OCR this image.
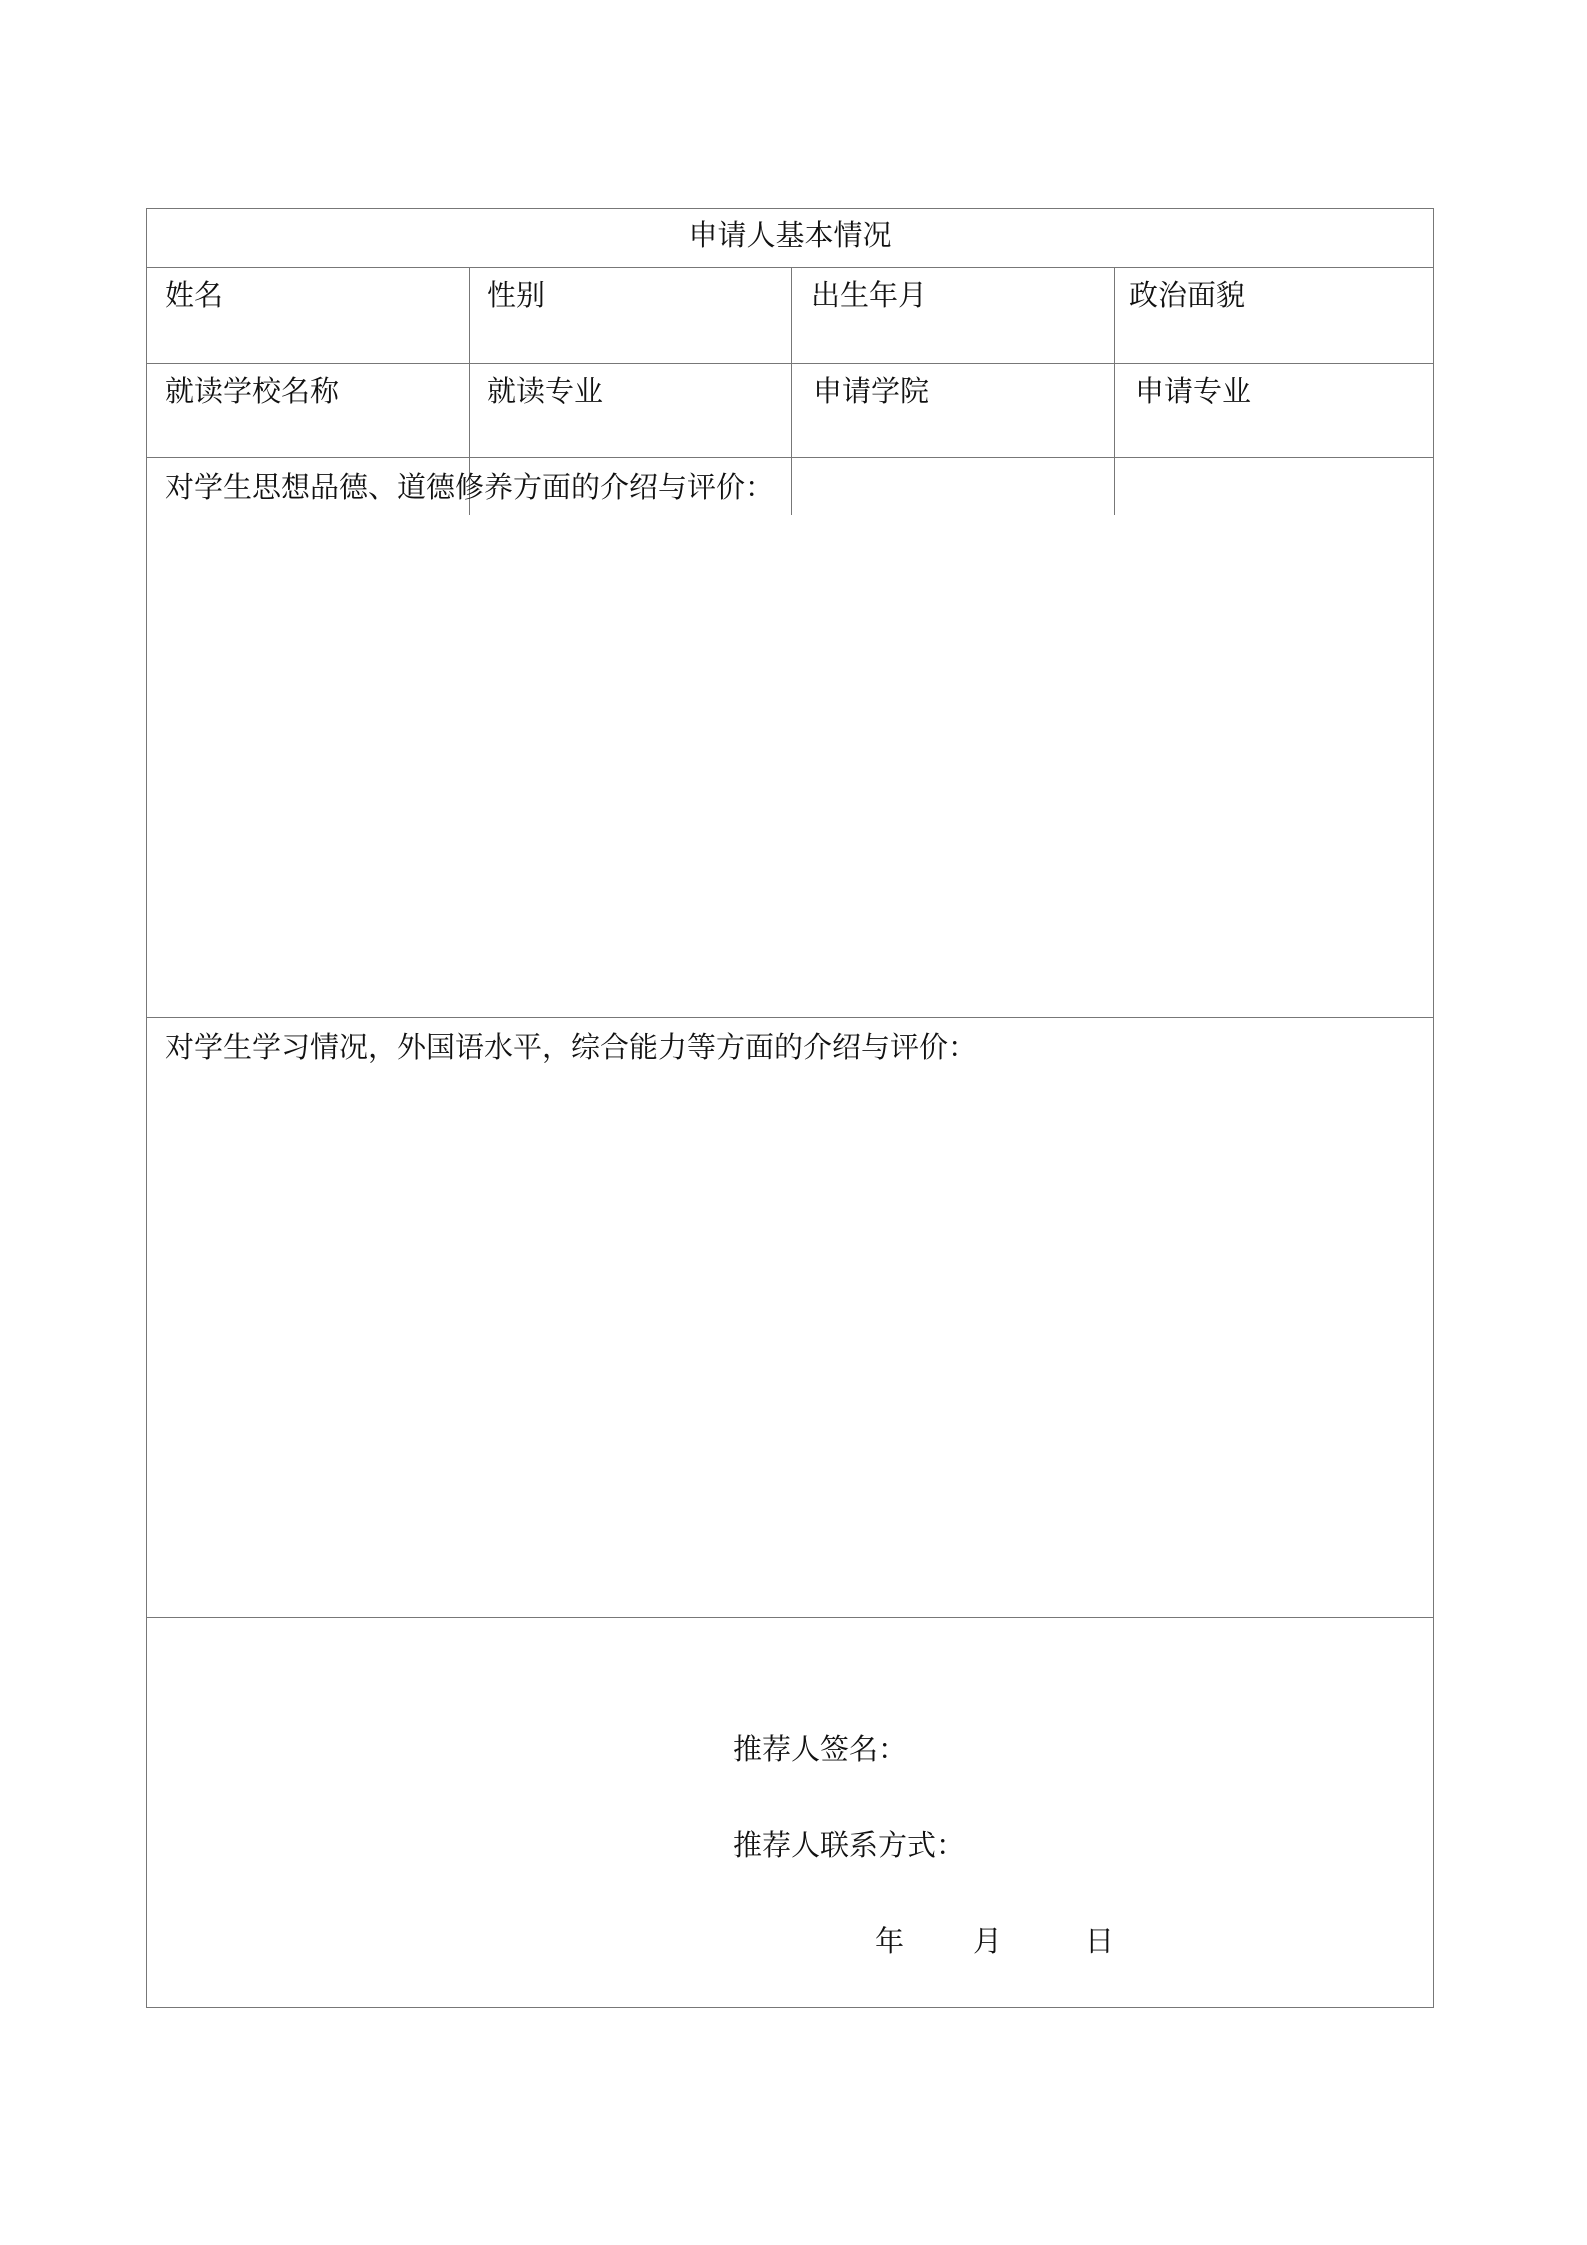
申请人基本情况
姓名	性别	出生年月	政治面貌
就读学校名称	就读专业	申请学院	申请专业
对学生思想品德、道德修养方面的介绍与评价：
对学生学习情况，外国语水平，综合能力等方面的介绍与评价：
推荐人签名：
推荐人联系方式：
年 月	日
